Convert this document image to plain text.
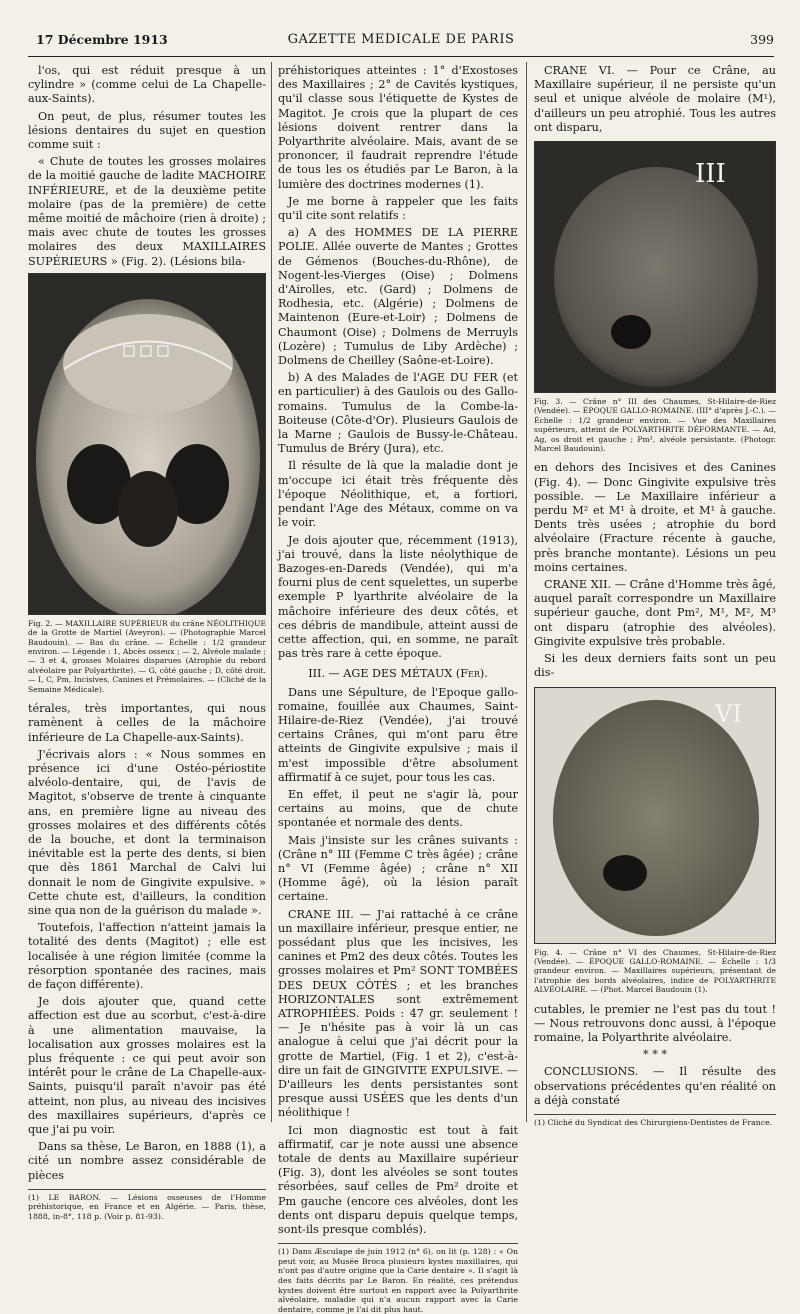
17 Décembre 1913	GAZETTE MEDICALE DE PARIS	399

l'os, qui est réduit presque à un cylindre » (comme celui de La Chapelle-aux-Saints).

On peut, de plus, résumer toutes les lésions dentaires du sujet en question comme suit :

« Chute de toutes les grosses molaires de la moitié gauche de ladite MACHOIRE INFÉRIEURE, et de la deuxième petite molaire (pas de la première) de cette même moitié de mâchoire (rien à droite) ; mais avec chute de toutes les grosses molaires des deux MAXILLAIRES SUPÉRIEURS » (Fig. 2). (Lésions bila-

Fig. 2. — MAXILLAIRE SUPÉRIEUR du crâne NÉOLITHIQUE de la Grotte de Martiel (Aveyron). — (Photographie Marcel Baudouin). — Bas du crâne. — Échelle : 1/2 grandeur environ. — Légende : 1, Abcès osseux ; — 2, Alvéole malade ; — 3 et 4, grosses Molaires disparues (Atrophie du rebord alvéolaire par Polyarthrite). — G, côté gauche ; D, côté droit. — I, C, Pm, Incisives, Canines et Prémolaires. — (Cliché de la Semaine Médicale).

térales, très importantes, qui nous ramènent à celles de la mâchoire inférieure de La Chapelle-aux-Saints).

J'écrivais alors : « Nous sommes en présence ici d'une Ostéo-périostite alvéolo-dentaire, qui, de l'avis de Magitot, s'observe de trente à cinquante ans, en première ligne au niveau des grosses molaires et des différents côtés de la bouche, et dont la terminaison inévitable est la perte des dents, si bien que dès 1861 Marchal de Calvi lui donnait le nom de Gingivite expulsive. » Cette chute est, d'ailleurs, la condition sine qua non de la guérison du malade ».

Toutefois, l'affection n'atteint jamais la totalité des dents (Magitot) ; elle est localisée à une région limitée (comme la résorption spontanée des racines, mais de façon différente).

Je dois ajouter que, quand cette affection est due au scorbut, c'est-à-dire à une alimentation mauvaise, la localisation aux grosses molaires est la plus fréquente : ce qui peut avoir son intérêt pour le crâne de La Chapelle-aux-Saints, puisqu'il paraît n'avoir pas été atteint, non plus, au niveau des incisives des maxillaires supérieurs, d'après ce que j'ai pu voir.

Dans sa thèse, Le Baron, en 1888 (1), a cité un nombre assez considérable de pièces

(1) LE BARON. — Lésions osseuses de l'Homme préhistorique, en France et en Algérie. — Paris, thèse, 1888, in-8°, 118 p. (Voir p. 81-93).

préhistoriques atteintes : 1° d'Exostoses des Maxillaires ; 2° de Cavités kystiques, qu'il classe sous l'étiquette de Kystes de Magitot. Je crois que la plupart de ces lésions doivent rentrer dans la Polyarthrite alvéolaire. Mais, avant de se prononcer, il faudrait reprendre l'étude de tous les os étudiés par Le Baron, à la lumière des doctrines modernes (1).

Je me borne à rappeler que les faits qu'il cite sont relatifs :

a) A des HOMMES DE LA PIERRE POLIE. Allée ouverte de Mantes ; Grottes de Gémenos (Bouches-du-Rhône), de Nogent-les-Vierges (Oise) ; Dolmens d'Airolles, etc. (Gard) ; Dolmens de Rodhesia, etc. (Algérie) ; Dolmens de Maintenon (Eure-et-Loir) ; Dolmens de Chaumont (Oise) ; Dolmens de Merruyls (Lozère) ; Tumulus de Liby Ardèche) ; Dolmens de Cheilley (Saône-et-Loire).

b) A des Malades de l'AGE DU FER (et en particulier) à des Gaulois ou des Gallo-romains. Tumulus de la Combe-la-Boiteuse (Côte-d'Or). Plusieurs Gaulois de la Marne ; Gaulois de Bussy-le-Château. Tumulus de Bréry (Jura), etc.

Il résulte de là que la maladie dont je m'occupe ici était très fréquente dès l'époque Néolithique, et, a fortiori, pendant l'Age des Métaux, comme on va le voir.

Je dois ajouter que, récemment (1913), j'ai trouvé, dans la liste néolythique de Bazoges-en-Dareds (Vendée), qui m'a fourni plus de cent squelettes, un superbe exemple P lyarthrite alvéolaire de la mâchoire inférieure des deux côtés, et ces débris de mandibule, atteint aussi de cette affection, qui, en somme, ne paraît pas très rare à cette époque.

III. — AGE DES MÉTAUX (Fer).

Dans une Sépulture, de l'Epoque gallo-romaine, fouillée aux Chaumes, Saint-Hilaire-de-Riez (Vendée), j'ai trouvé certains Crânes, qui m'ont paru être atteints de Gingivite expulsive ; mais il m'est impossible d'être absolument affirmatif à ce sujet, pour tous les cas.

En effet, il peut ne s'agir là, pour certains au moins, que de chute spontanée et normale des dents.

Mais j'insiste sur les crânes suivants : (Crâne n° III (Femme C très âgée) ; crâne n° VI (Femme âgée) ; crâne n° XII (Homme âgé), où la lésion paraît certaine.

CRANE III. — J'ai rattaché à ce crâne un maxillaire inférieur, presque entier, ne possédant plus que les incisives, les canines et Pm2 des deux côtés. Toutes les grosses molaires et Pm² SONT TOMBÉES DES DEUX CÔTÉS ; et les branches HORIZONTALES sont extrêmement ATROPHIÉES. Poids : 47 gr. seulement ! — Je n'hésite pas à voir là un cas analogue à celui que j'ai décrit pour la grotte de Martiel, (Fig. 1 et 2), c'est-à-dire un fait de GINGIVITE EXPULSIVE. — D'ailleurs les dents persistantes sont presque aussi USÉES que les dents d'un néolithique !

Ici mon diagnostic est tout à fait affirmatif, car je note aussi une absence totale de dents au Maxillaire supérieur (Fig. 3), dont les alvéoles se sont toutes résorbées, sauf celles de Pm² droite et Pm gauche (encore ces alvéoles, dont les dents ont disparu depuis quelque temps, sont-ils presque comblés).

(1) Dans Æsculape de juin 1912 (n° 6), on lit (p. 128) : « On peut voir, au Musée Broca plusieurs kystes maxillaires, qui n'ont pas d'autre origine que la Carie dentaire ». Il s'agit là des faits décrits par Le Baron. En réalité, ces prétendus kystes doivent être surtout en rapport avec la Polyarthrite alvéolaire, maladie qui n'a aucun rapport avec la Carie dentaire, comme je l'ai dit plus haut.

CRANE VI. — Pour ce Crâne, au Maxillaire supérieur, il ne persiste qu'un seul et unique alvéole de molaire (M¹), d'ailleurs un peu atrophié. Tous les autres ont disparu,

III
Fig. 3. — Crâne n° III des Chaumes, St-Hilaire-de-Riez (Vendée). — ÉPOQUE GALLO-ROMAINE. (III° d'après J.-C.). — Échelle : 1/2 grandeur environ. — Vue des Maxillaires supérieurs, atteint de POLYARTHRITE DÉFORMANTE. — Ad, Ag, os droit et gauche ; Pm², alvéole persistante. (Photogr. Marcel Baudouin).

en dehors des Incisives et des Canines (Fig. 4). — Donc Gingivite expulsive très possible. — Le Maxillaire inférieur a perdu M² et M¹ à droite, et M¹ à gauche. Dents très usées ; atrophie du bord alvéolaire (Fracture récente à gauche, près branche montante). Lésions un peu moins certaines.

CRANE XII. — Crâne d'Homme très âgé, auquel paraît correspondre un Maxillaire supérieur gauche, dont Pm², M¹, M², M³ ont disparu (atrophie des alvéoles). Gingivite expulsive très probable.

Si les deux derniers faits sont un peu dis-

VI
Fig. 4. — Crâne n° VI des Chaumes, St-Hilaire-de-Riez (Vendée). — ÉPOQUE GALLO-ROMAINE. — Échelle : 1/3 grandeur environ. — Maxillaires supérieurs, présentant de l'atrophie des bords alvéolaires, indice de POLYARTHRITE ALVÉOLAIRE. — (Phot. Marcel Baudouin (1).

cutables, le premier ne l'est pas du tout ! — Nous retrouvons donc aussi, à l'époque romaine, la Polyarthrite alvéolaire.

* * *

CONCLUSIONS. — Il résulte des observations précédentes qu'en réalité on a déjà constaté

(1) Cliché du Syndicat des Chirurgiens-Dentistes de France.
